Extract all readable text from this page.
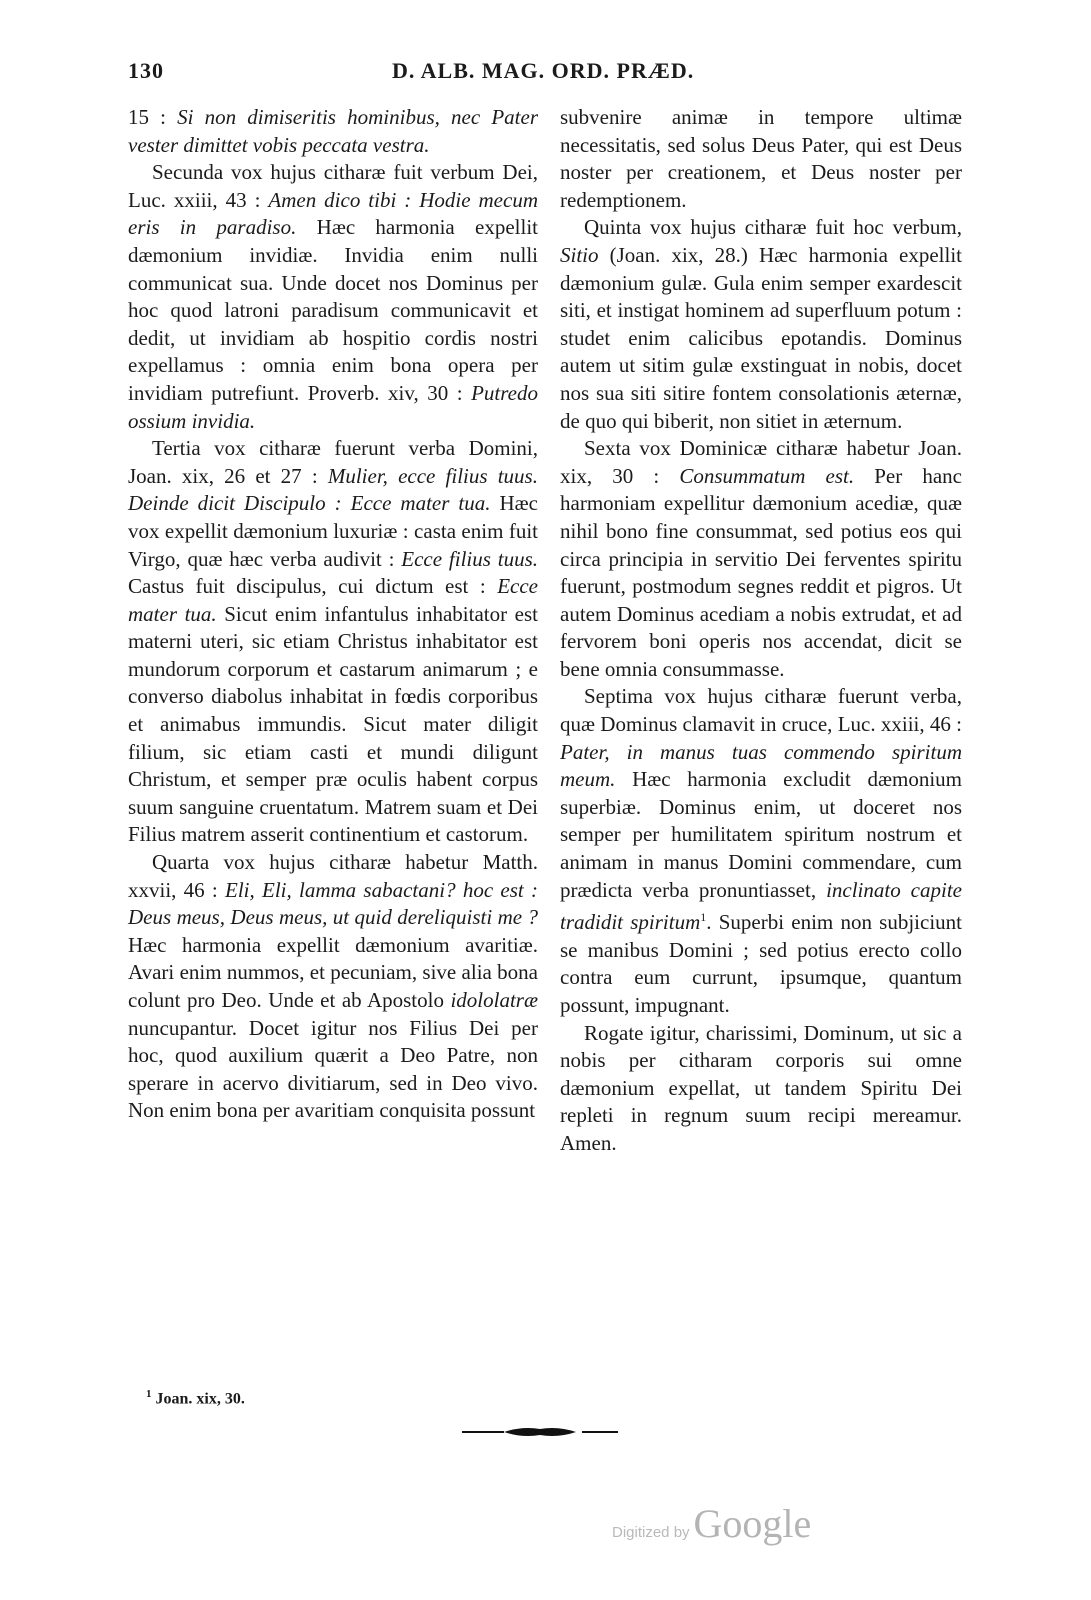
130	D. ALB. MAG. ORD. PRÆD.

15 : Si non dimiseritis hominibus, nec Pater vester dimittet vobis peccata vestra.

Secunda vox hujus citharæ fuit verbum Dei, Luc. xxiii, 43 : Amen dico tibi : Hodie mecum eris in paradiso. Hæc harmonia expellit dæmonium invidiæ. Invidia enim nulli communicat sua. Unde docet nos Dominus per hoc quod latroni paradisum communicavit et dedit, ut invidiam ab hospitio cordis nostri expellamus : omnia enim bona opera per invidiam putrefiunt. Proverb. xiv, 30 : Putredo ossium invidia.

Tertia vox citharæ fuerunt verba Domini, Joan. xix, 26 et 27 : Mulier, ecce filius tuus. Deinde dicit Discipulo : Ecce mater tua. Hæc vox expellit dæmonium luxuriæ : casta enim fuit Virgo, quæ hæc verba audivit : Ecce filius tuus. Castus fuit discipulus, cui dictum est : Ecce mater tua. Sicut enim infantulus inhabitator est materni uteri, sic etiam Christus inhabitator est mundorum corporum et castarum animarum ; e converso diabolus inhabitat in fœdis corporibus et animabus immundis. Sicut mater diligit filium, sic etiam casti et mundi diligunt Christum, et semper præ oculis habent corpus suum sanguine cruentatum. Matrem suam et Dei Filius matrem asserit continentium et castorum.

Quarta vox hujus citharæ habetur Matth. xxvii, 46 : Eli, Eli, lamma sabactani? hoc est : Deus meus, Deus meus, ut quid dereliquisti me ? Hæc harmonia expellit dæmonium avaritiæ. Avari enim nummos, et pecuniam, sive alia bona colunt pro Deo. Unde et ab Apostolo idololatræ nuncupantur. Docet igitur nos Filius Dei per hoc, quod auxilium quærit a Deo Patre, non sperare in acervo divitiarum, sed in Deo vivo. Non enim bona per avaritiam conquisita possunt

subvenire animæ in tempore ultimæ necessitatis, sed solus Deus Pater, qui est Deus noster per creationem, et Deus noster per redemptionem.

Quinta vox hujus citharæ fuit hoc verbum, Sitio (Joan. xix, 28.) Hæc harmonia expellit dæmonium gulæ. Gula enim semper exardescit siti, et instigat hominem ad superfluum potum : studet enim calicibus epotandis. Dominus autem ut sitim gulæ exstinguat in nobis, docet nos sua siti sitire fontem consolationis æternæ, de quo qui biberit, non sitiet in æternum.

Sexta vox Dominicæ citharæ habetur Joan. xix, 30 : Consummatum est. Per hanc harmoniam expellitur dæmonium acediæ, quæ nihil bono fine consummat, sed potius eos qui circa principia in servitio Dei ferventes spiritu fuerunt, postmodum segnes reddit et pigros. Ut autem Dominus acediam a nobis extrudat, et ad fervorem boni operis nos accendat, dicit se bene omnia consummasse.

Septima vox hujus citharæ fuerunt verba, quæ Dominus clamavit in cruce, Luc. xxiii, 46 : Pater, in manus tuas commendo spiritum meum. Hæc harmonia excludit dæmonium superbiæ. Dominus enim, ut doceret nos semper per humilitatem spiritum nostrum et animam in manus Domini commendare, cum prædicta verba pronuntiasset, inclinato capite tradidit spiritum$^1$. Superbi enim non subjiciunt se manibus Domini ; sed potius erecto collo contra eum currunt, ipsumque, quantum possunt, impugnant.

Rogate igitur, charissimi, Dominum, ut sic a nobis per citharam corporis sui omne dæmonium expellat, ut tandem Spiritu Dei repleti in regnum suum recipi mereamur. Amen.

$^1$ Joan. xix, 30.
Digitized by Google
